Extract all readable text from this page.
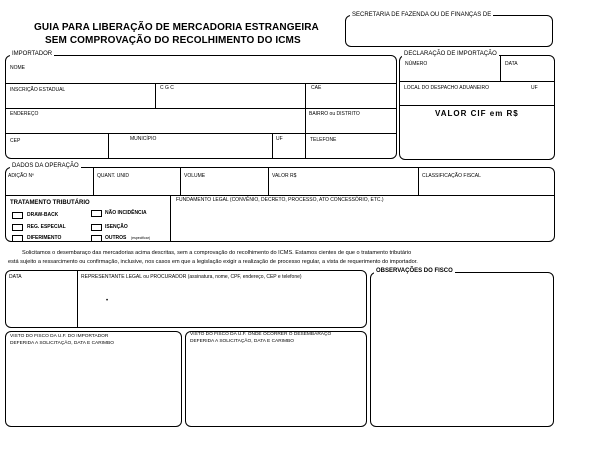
GUIA PARA LIBERAÇÃO DE MERCADORIA ESTRANGEIRA
SEM COMPROVAÇÃO DO RECOLHIMENTO DO ICMS
SECRETARIA DE FAZENDA OU DE FINANÇAS DE
IMPORTADOR
NOME
INSCRIÇÃO ESTADUAL	C G C	CAE
ENDEREÇO	BAIRRO ou DISTRITO
CEP	MUNICÍPIO	UF	TELEFONE
DECLARAÇÃO DE IMPORTAÇÃO
NÚMERO	DATA
LOCAL DO DESPACHO ADUANEIRO	UF
VALOR CIF em R$
DADOS DA OPERAÇÃO
ADIÇÃO Nº	QUANT. UNID	VOLUME	VALOR R$	CLASSIFICAÇÃO FISCAL
TRATAMENTO TRIBUTÁRIO
DRAW-BACK	NÃO INCIDÊNCIA
REG. ESPECIAL	ISENÇÃO
DIFERIMENTO	OUTROS (especificar)
FUNDAMENTO LEGAL (CONVÊNIO, DECRETO, PROCESSO, ATO CONCESSÓRIO, ETC.)
Solicitamos o desembaraço das mercadorias acima descritas, sem a comprovação do recolhimento do ICMS. Estamos cientes de que o tratamento tributário
está sujeito a ressarcimento ou confirmação, inclusive, nos casos em que a legislação exigir a realização de processo regular, a vista de requerimento do importador.
DATA	REPRESENTANTE LEGAL ou PROCURADOR (assinatura, nome, CPF, endereço, CEP e telefone)
•
OBSERVAÇÕES DO FISCO
VISTO DO FISCO DA U.F. DO IMPORTADOR
DEFERIDA A SOLICITAÇÃO, DATA E CARIMBO
VISTO DO FISCO DA U.F. ONDE OCORRER O DESEMBARAÇO
DEFERIDA A SOLICITAÇÃO, DATA E CARIMBO
